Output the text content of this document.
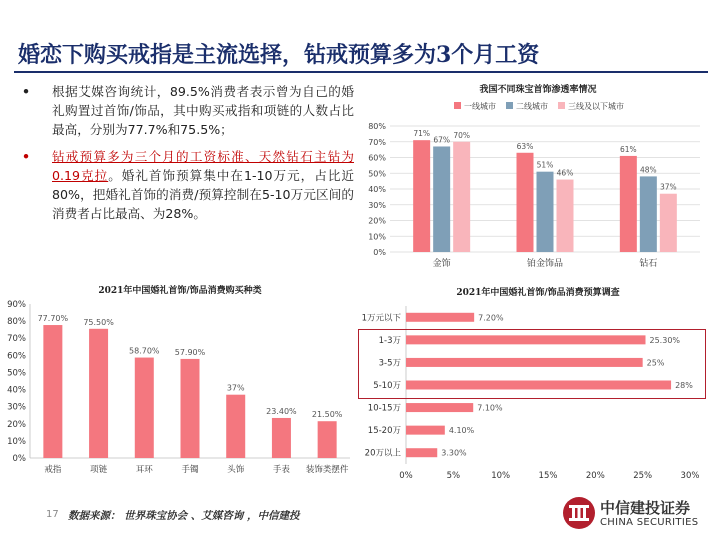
婚恋下购买戒指是主流选择，钻戒预算多为3个月工资
• 根据艾媒咨询统计，89.5%消费者表示曾为自己的婚礼购置过首饰/饰品，其中购买戒指和项链的人数占比最高，分别为77.7%和75.5%；
• 钻戒预算多为三个月的工资标准、天然钻石主钻为0.19克拉。婚礼首饰预算集中在1-10万元，占比近80%，把婚礼首饰的消费/预算控制在5-10万元区间的消费者占比最高、为28%。
我国不同珠宝首饰渗透率情况
一线城市	二线城市	三线及以下城市
0%
10%
20%
30%
40%
50%
60%
70%
80%
71%
67%
70%
金饰
63%
51%
46%
铂金饰品
61%
48%
37%
钻石
2021年中国婚礼首饰/饰品消费购买种类
0%
10%
20%
30%
40%
50%
60%
70%
80%
90%
77.70%
戒指
75.50%
项链
58.70%
耳环
57.90%
手镯
37%
头饰
23.40%
手表
21.50%
装饰类摆件
2021年中国婚礼首饰/饰品消费预算调查
0%	5%	10%	15%	20%	25%	30%
7.20%
1万元以下
25.30%
1-3万
25%
3-5万
28%
5-10万
7.10%
10-15万
4.10%
15-20万
3.30%
20万以上
17 数据来源： 世界珠宝协会 、艾媒咨询 ，中信建投	中信建投证券
CHINA SECURITIES
